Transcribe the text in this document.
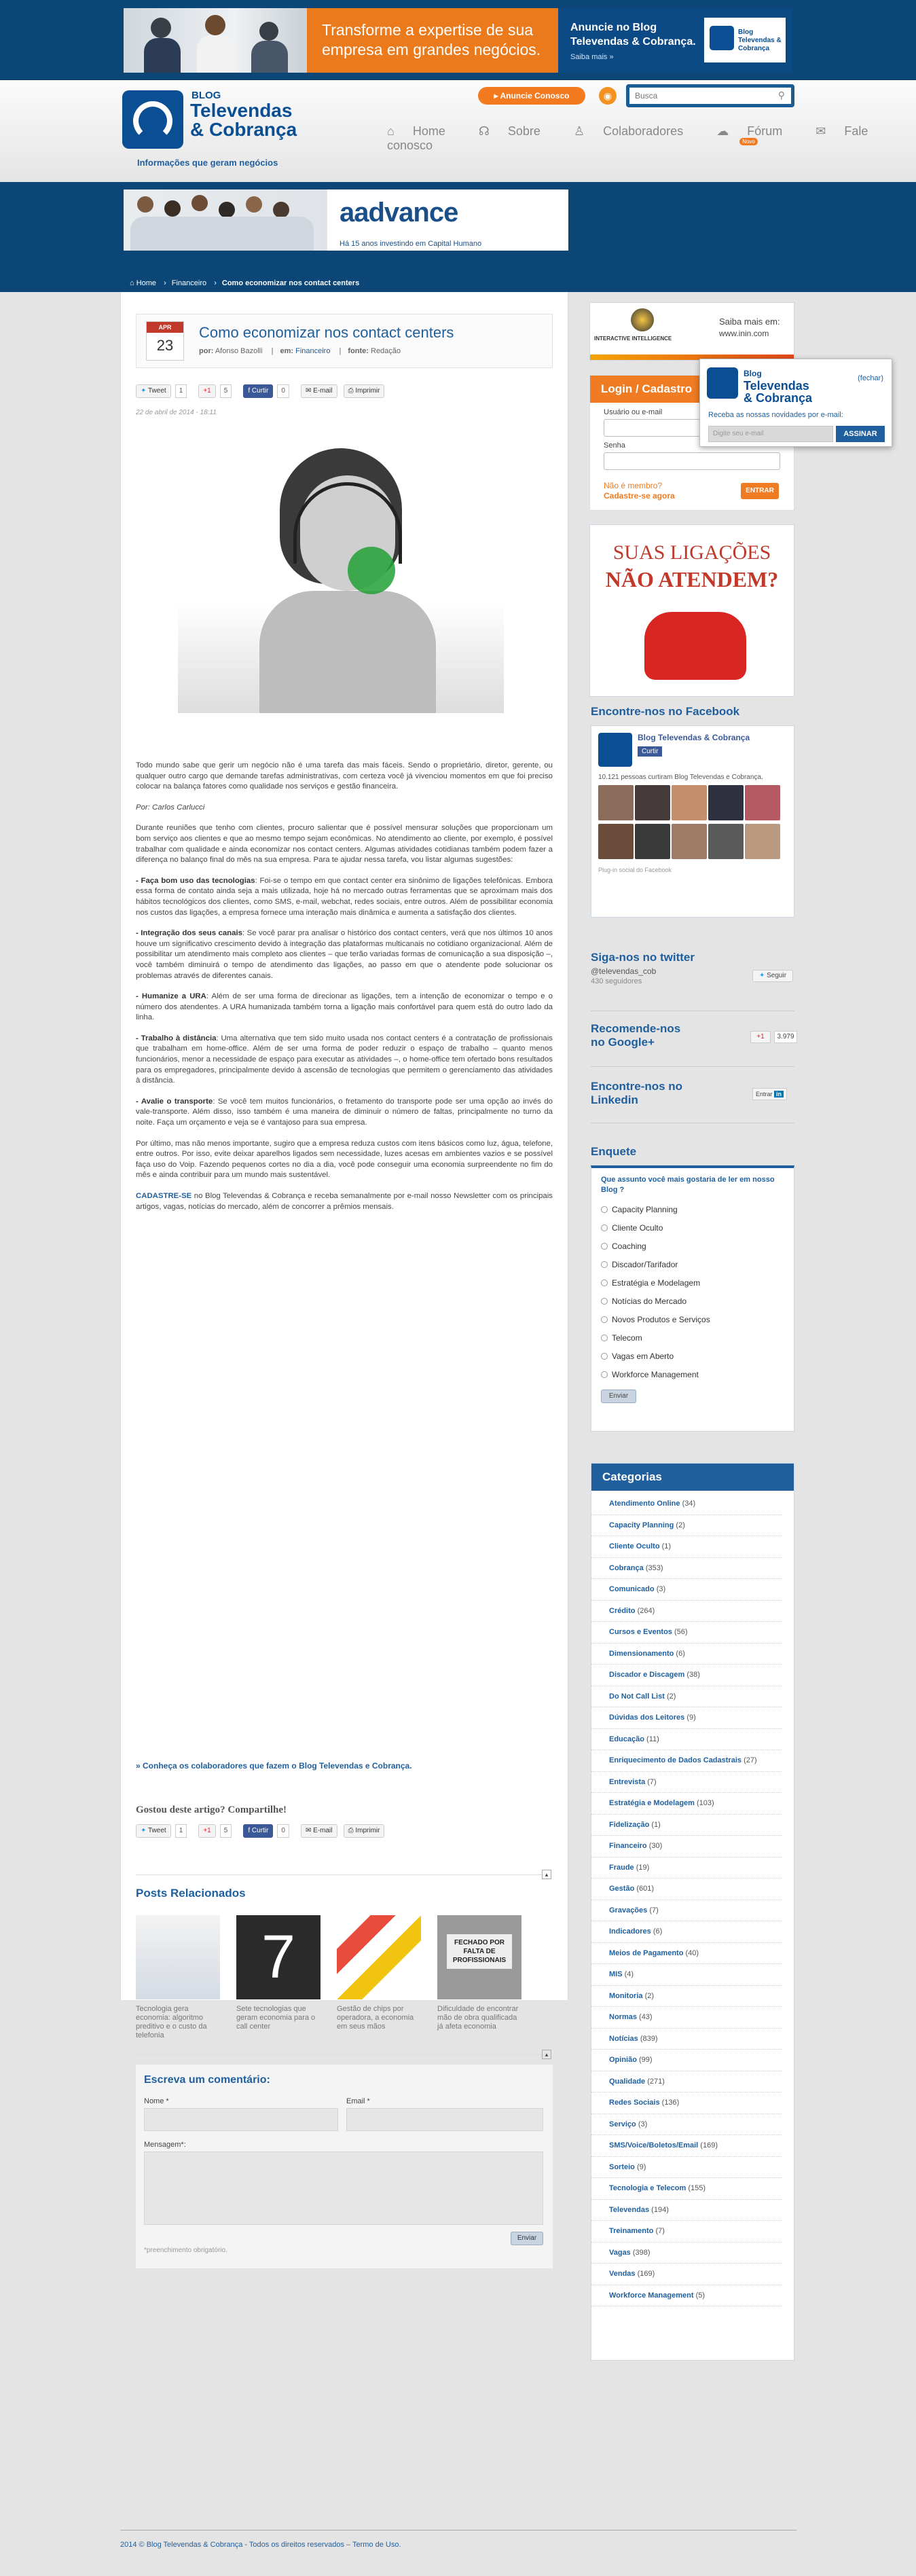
Transforme a expertise de sua empresa em grandes negócios.
Anuncie no Blog Televendas & Cobrança.
Saiba mais »
Blog Televendas & Cobrança
BLOG
Televendas
& Cobrança
Informações que geram negócios
▸ Anuncie Conosco	◉
Busca	⚲
⌂ Home	☊ Sobre	♙ Colaboradores	☁ Fórum
Novo
✉ Fale conosco
aadvance
Há 15 anos investindo em Capital Humano
⌂ Home › Financeiro › Como economizar nos contact centers
APR
23
Como economizar nos contact centers
por: Afonso Bazolli | em: Financeiro | fonte: Redação
✦ Tweet 1	+1 5	f Curtir 0	✉ E-mail ⎙ Imprimir
22 de abril de 2014 - 18:11

Todo mundo sabe que gerir um negócio não é uma tarefa das mais fáceis. Sendo o proprietário, diretor, gerente, ou qualquer outro cargo que demande tarefas administrativas, com certeza você já vivenciou momentos em que foi preciso colocar na balança fatores como qualidade nos serviços e gestão financeira.

Por: Carlos Carlucci

Durante reuniões que tenho com clientes, procuro salientar que é possível mensurar soluções que proporcionam um bom serviço aos clientes e que ao mesmo tempo sejam econômicas. No atendimento ao cliente, por exemplo, é possível trabalhar com qualidade e ainda economizar nos contact centers. Algumas atividades cotidianas também podem fazer a diferença no balanço final do mês na sua empresa. Para te ajudar nessa tarefa, vou listar algumas sugestões:

- Faça bom uso das tecnologias: Foi-se o tempo em que contact center era sinônimo de ligações telefônicas. Embora essa forma de contato ainda seja a mais utilizada, hoje há no mercado outras ferramentas que se aproximam mais dos hábitos tecnológicos dos clientes, como SMS, e-mail, webchat, redes sociais, entre outros. Além de possibilitar economia nos custos das ligações, a empresa fornece uma interação mais dinâmica e aumenta a satisfação dos clientes.

- Integração dos seus canais: Se você parar pra analisar o histórico dos contact centers, verá que nos últimos 10 anos houve um significativo crescimento devido à integração das plataformas multicanais no cotidiano organizacional. Além de possibilitar um atendimento mais completo aos clientes – que terão variadas formas de comunicação a sua disposição –, você também diminuirá o tempo de atendimento das ligações, ao passo em que o atendente pode solucionar os problemas através de diferentes canais.

- Humanize a URA: Além de ser uma forma de direcionar as ligações, tem a intenção de economizar o tempo e o número dos atendentes. A URA humanizada também torna a ligação mais confortável para quem está do outro lado da linha.

- Trabalho à distância: Uma alternativa que tem sido muito usada nos contact centers é a contratação de profissionais que trabalham em home-office. Além de ser uma forma de poder reduzir o espaço de trabalho – quanto menos funcionários, menor a necessidade de espaço para executar as atividades –, o home-office tem ofertado bons resultados para os empregadores, principalmente devido à ascensão de tecnologias que permitem o gerenciamento das atividades à distância.

- Avalie o transporte: Se você tem muitos funcionários, o fretamento do transporte pode ser uma opção ao invés do vale-transporte. Além disso, isso também é uma maneira de diminuir o número de faltas, principalmente no turno da noite. Faça um orçamento e veja se é vantajoso para sua empresa.

Por último, mas não menos importante, sugiro que a empresa reduza custos com itens básicos como luz, água, telefone, entre outros. Por isso, evite deixar aparelhos ligados sem necessidade, luzes acesas em ambientes vazios e se possível faça uso do Voip. Fazendo pequenos cortes no dia a dia, você pode conseguir uma economia surpreendente no fim do mês e ainda contribuir para um mundo mais sustentável.

CADASTRE-SE no Blog Televendas & Cobrança e receba semanalmente por e-mail nosso Newsletter com os principais artigos, vagas, notícias do mercado, além de concorrer a prêmios mensais.

» Conheça os colaboradores que fazem o Blog Televendas e Cobrança.
Gostou deste artigo? Compartilhe!
✦ Tweet 1	+1 5	f Curtir 0	✉ E-mail ⎙ Imprimir
▴
Posts Relacionados
Tecnologia gera economia: algoritmo preditivo e o custo da telefonia
7
Sete tecnologias que geram economia para o call center
Gestão de chips por operadora, a economia em seus mãos
FECHADO POR FALTA DE PROFISSIONAIS
Dificuldade de encontrar mão de obra qualificada já afeta economia
▴
Escreva um comentário:
Nome *	Email *
Mensagem*:
Enviar
*preenchimento obrigatório.
INTERACTIVE INTELLIGENCE
Saiba mais em:
www.inin.com
Login / Cadastro
Usuário ou e-mail
Senha
Não é membro?
Cadastre-se agora
ENTRAR
Blog
Televendas
& Cobrança
(fechar)
Receba as nossas novidades por e-mail:
Digite seu e-mail	ASSINAR
SUAS LIGAÇÕES
NÃO ATENDEM?
Encontre-nos no Facebook
Blog Televendas & Cobrança
Curtir
10.121 pessoas curtiram Blog Televendas e Cobrança.

Plug-in social do Facebook
Siga-nos no twitter
@televendas_cob
430 seguidores
✦ Seguir
Recomende-nos
no Google+	+1	3.979
Encontre-nos no
Linkedin	Entrar in
Enquete
Que assunto você mais gostaria de ler em nosso Blog ?
Capacity Planning
Cliente Oculto
Coaching
Discador/Tarifador
Estratégia e Modelagem
Notícias do Mercado
Novos Produtos e Serviços
Telecom
Vagas em Aberto
Workforce Management
Enviar
Categorias
Atendimento Online (34)
Capacity Planning (2)
Cliente Oculto (1)
Cobrança (353)
Comunicado (3)
Crédito (264)
Cursos e Eventos (56)
Dimensionamento (6)
Discador e Discagem (38)
Do Not Call List (2)
Dúvidas dos Leitores (9)
Educação (11)
Enriquecimento de Dados Cadastrais (27)
Entrevista (7)
Estratégia e Modelagem (103)
Fidelização (1)
Financeiro (30)
Fraude (19)
Gestão (601)
Gravações (7)
Indicadores (6)
Meios de Pagamento (40)
MIS (4)
Monitoria (2)
Normas (43)
Notícias (839)
Opinião (99)
Qualidade (271)
Redes Sociais (136)
Serviço (3)
SMS/Voice/Boletos/Email (169)
Sorteio (9)
Tecnologia e Telecom (155)
Televendas (194)
Treinamento (7)
Vagas (398)
Vendas (169)
Workforce Management (5)
2014 © Blog Televendas & Cobrança - Todos os direitos reservados – Termo de Uso.
